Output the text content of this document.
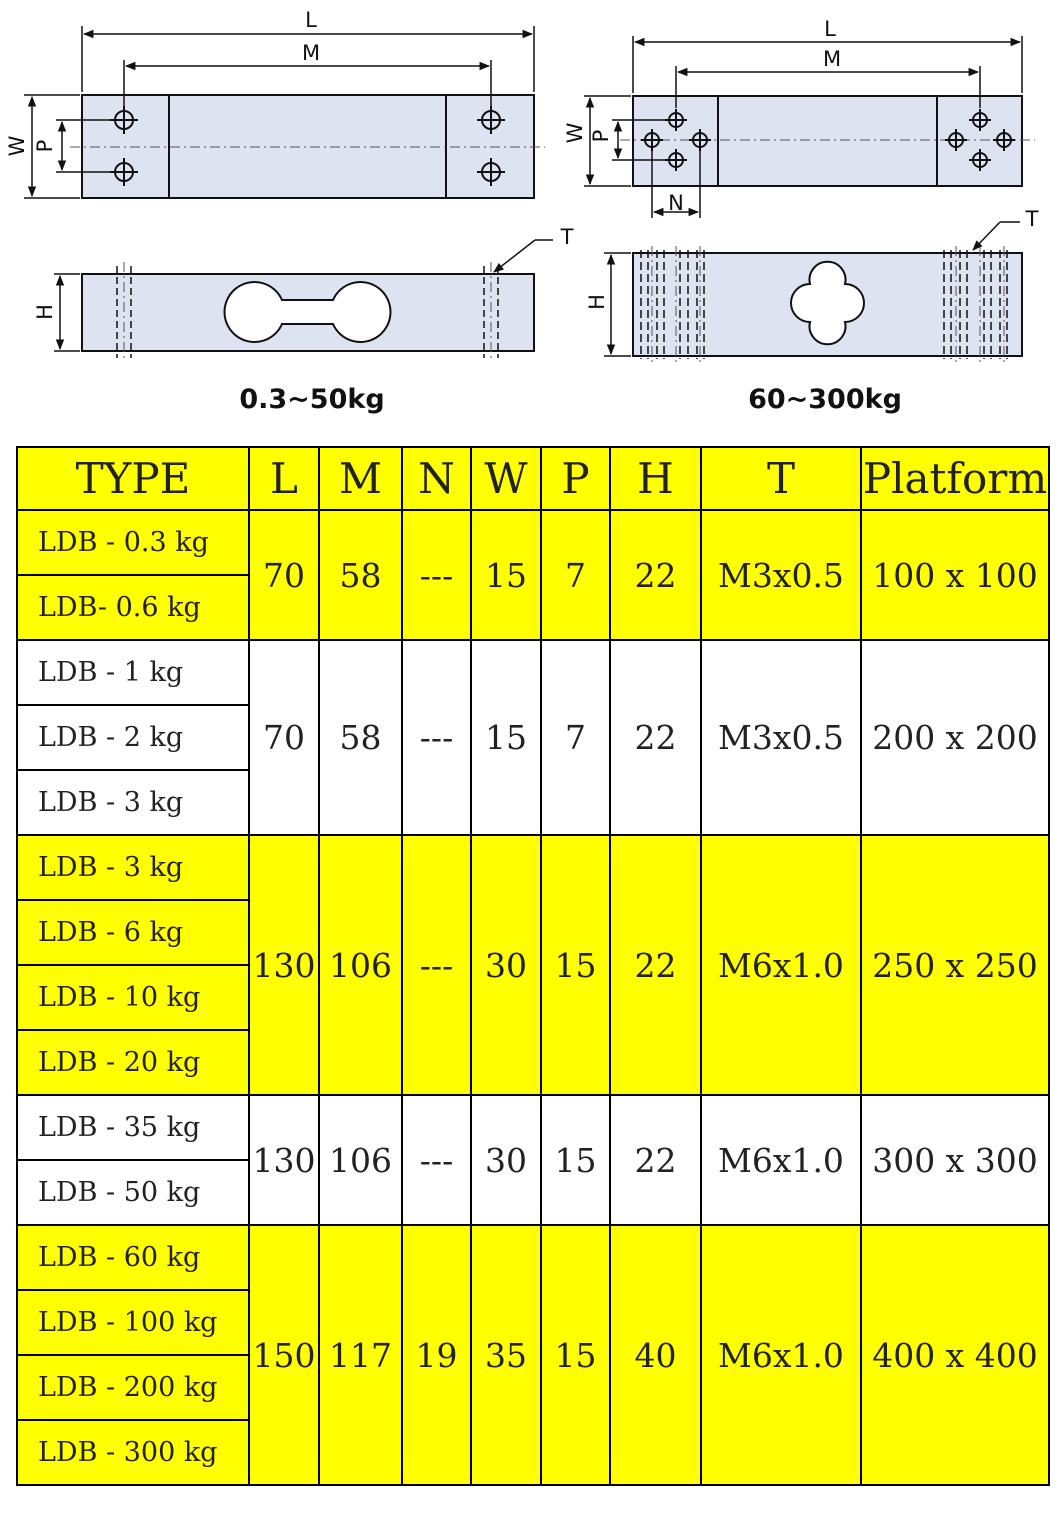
L
M
W P
H
T
0.3~50kg
L
M
W P
N
H
T
60~300kg
TYPE	L	M	N	W	P	H	T	Platform
LDB - 0.3 kg	70	58	---	15	7	22	M3x0.5	100 x 100
LDB- 0.6 kg								
LDB - 1 kg	70	58	---	15	7	22	M3x0.5	200 x 200
LDB - 2 kg								
LDB - 3 kg								
LDB - 3 kg	130	106	---	30	15	22	M6x1.0	250 x 250
LDB - 6 kg								
LDB - 10 kg								
LDB - 20 kg								
LDB - 35 kg	130	106	---	30	15	22	M6x1.0	300 x 300
LDB - 50 kg								
LDB - 60 kg	150	117	19	35	15	40	M6x1.0	400 x 400
LDB - 100 kg								
LDB - 200 kg								
LDB - 300 kg								
